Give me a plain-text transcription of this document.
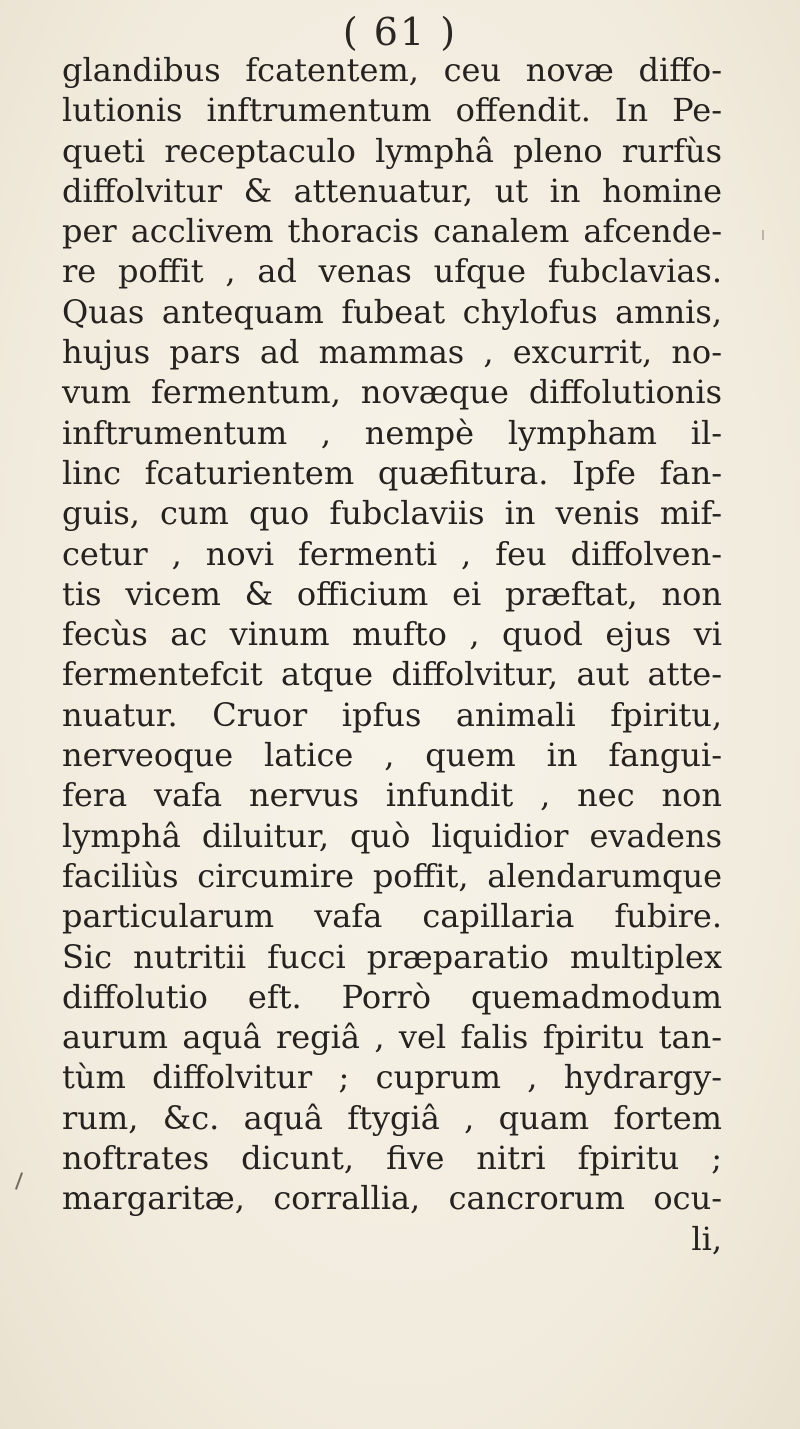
( 61 )
glandibus fcatentem, ceu novæ diffo-
lutionis inftrumentum offendit. In Pe-
queti receptaculo lymphâ pleno rurfùs
diffolvitur & attenuatur, ut in homine
per acclivem thoracis canalem afcende-
re poffit , ad venas ufque fubclavias.
Quas antequam fubeat chylofus amnis,
hujus pars ad mammas , excurrit, no-
vum fermentum, novæque diffolutionis
inftrumentum , nempè lympham il-
linc fcaturientem quæfitura. Ipfe fan-
guis, cum quo fubclaviis in venis mif-
cetur , novi fermenti , feu diffolven-
tis vicem & officium ei præftat, non
fecùs ac vinum mufto , quod ejus vi
fermentefcit atque diffolvitur, aut atte-
nuatur. Cruor ipfus animali fpiritu,
nerveoque latice , quem in fangui-
fera vafa nervus infundit , nec non
lymphâ diluitur, quò liquidior evadens
faciliùs circumire poffit, alendarumque
particularum vafa capillaria fubire.
Sic nutritii fucci præparatio multiplex
diffolutio eft. Porrò quemadmodum
aurum aquâ regiâ , vel falis fpiritu tan-
tùm diffolvitur ; cuprum , hydrargy-
rum, &c. aquâ ftygiâ , quam fortem
noftrates dicunt, five nitri fpiritu ;
margaritæ, corrallia, cancrorum ocu-
li,
